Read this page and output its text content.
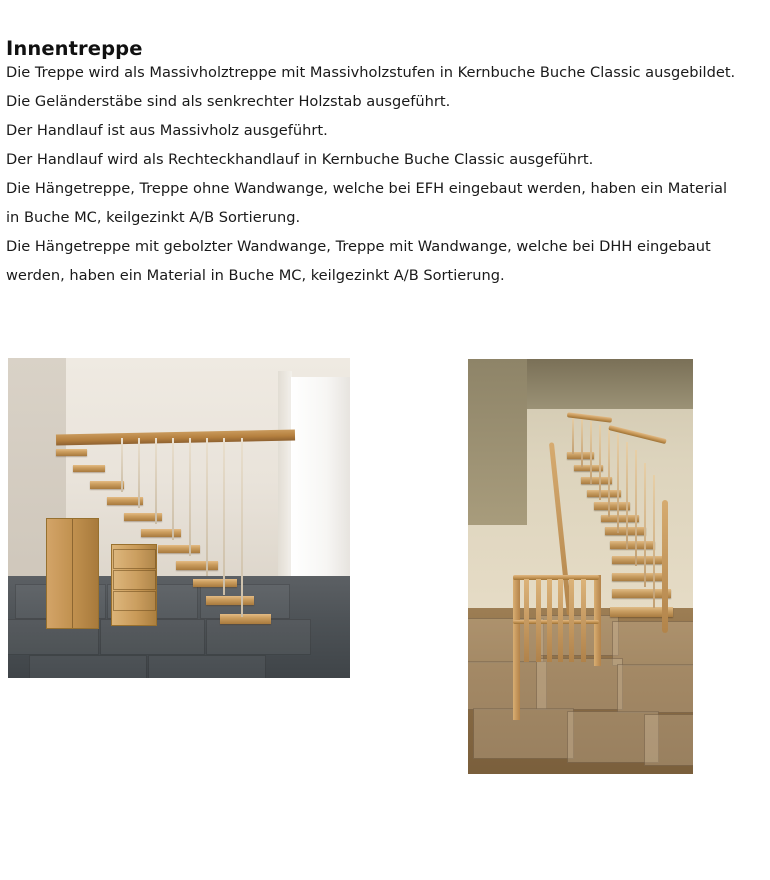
Innentreppe

Die Treppe wird als Massivholztreppe mit Massivholzstufen in Kernbuche Buche Classic ausgebildet.

Die Geländerstäbe sind als senkrechter Holzstab ausgeführt.

Der Handlauf ist aus Massivholz ausgeführt.

Der Handlauf wird als Rechteckhandlauf in Kernbuche Buche Classic ausgeführt.

Die Hängetreppe, Treppe ohne Wandwange, welche bei EFH eingebaut werden, haben ein Material in Buche MC, keilgezinkt A/B Sortierung.

Die Hängetreppe mit gebolzter Wandwange, Treppe mit Wandwange, welche bei DHH eingebaut werden, haben ein Material in Buche MC, keilgezinkt A/B Sortierung.
